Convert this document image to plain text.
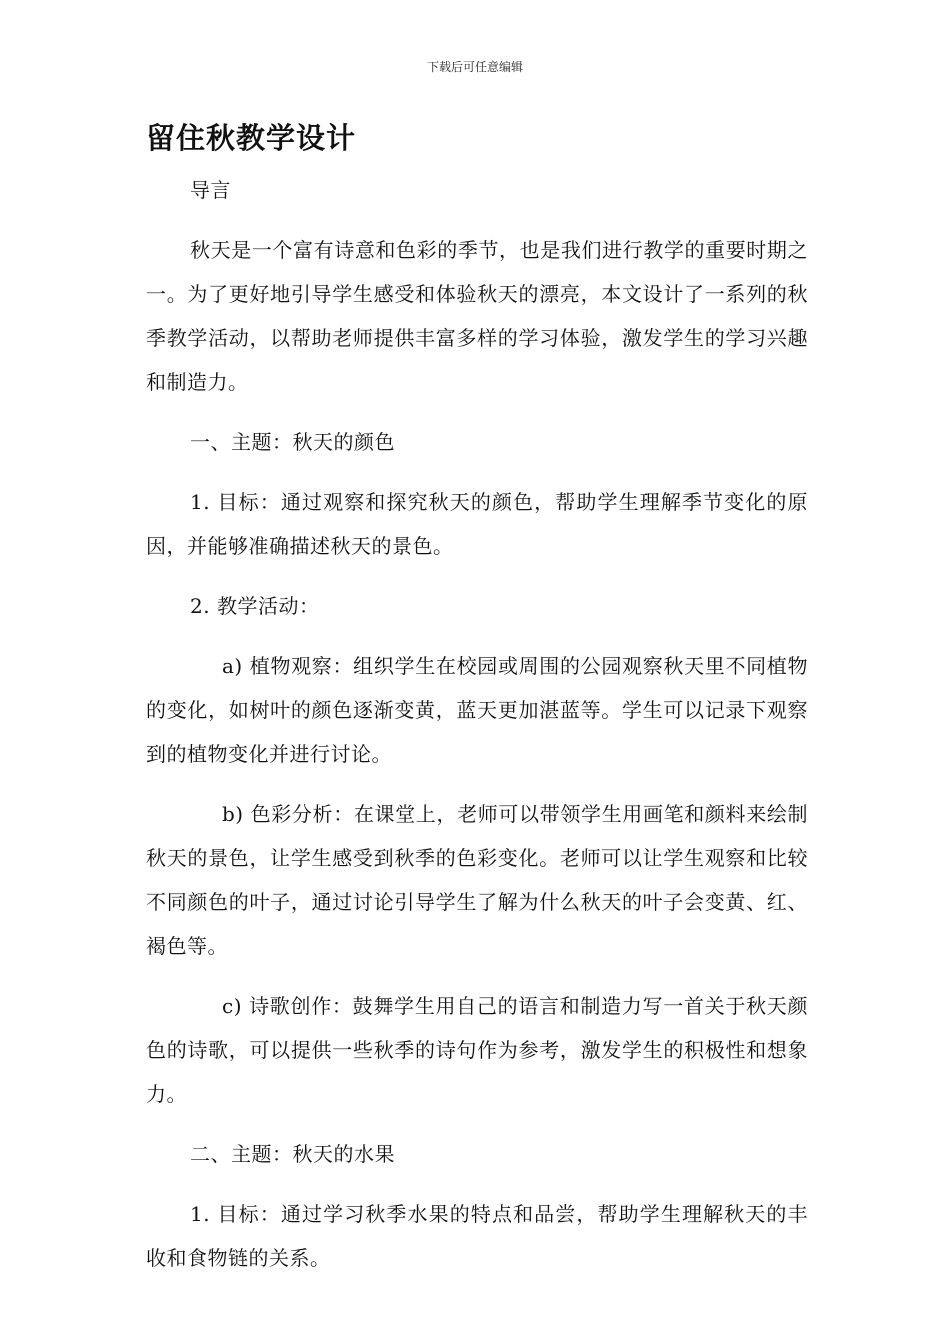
下载后可任意编辑
留住秋教学设计

导言

秋天是一个富有诗意和色彩的季节，也是我们进行教学的重要时期之一。为了更好地引导学生感受和体验秋天的漂亮，本文设计了一系列的秋季教学活动，以帮助老师提供丰富多样的学习体验，激发学生的学习兴趣和制造力。

一、主题：秋天的颜色

1. 目标：通过观察和探究秋天的颜色，帮助学生理解季节变化的原因，并能够准确描述秋天的景色。

2. 教学活动：

a) 植物观察：组织学生在校园或周围的公园观察秋天里不同植物的变化，如树叶的颜色逐渐变黄，蓝天更加湛蓝等。学生可以记录下观察到的植物变化并进行讨论。

b) 色彩分析：在课堂上，老师可以带领学生用画笔和颜料来绘制秋天的景色，让学生感受到秋季的色彩变化。老师可以让学生观察和比较不同颜色的叶子，通过讨论引导学生了解为什么秋天的叶子会变黄、红、褐色等。

c) 诗歌创作：鼓舞学生用自己的语言和制造力写一首关于秋天颜色的诗歌，可以提供一些秋季的诗句作为参考，激发学生的积极性和想象力。

二、主题：秋天的水果

1. 目标：通过学习秋季水果的特点和品尝，帮助学生理解秋天的丰收和食物链的关系。
